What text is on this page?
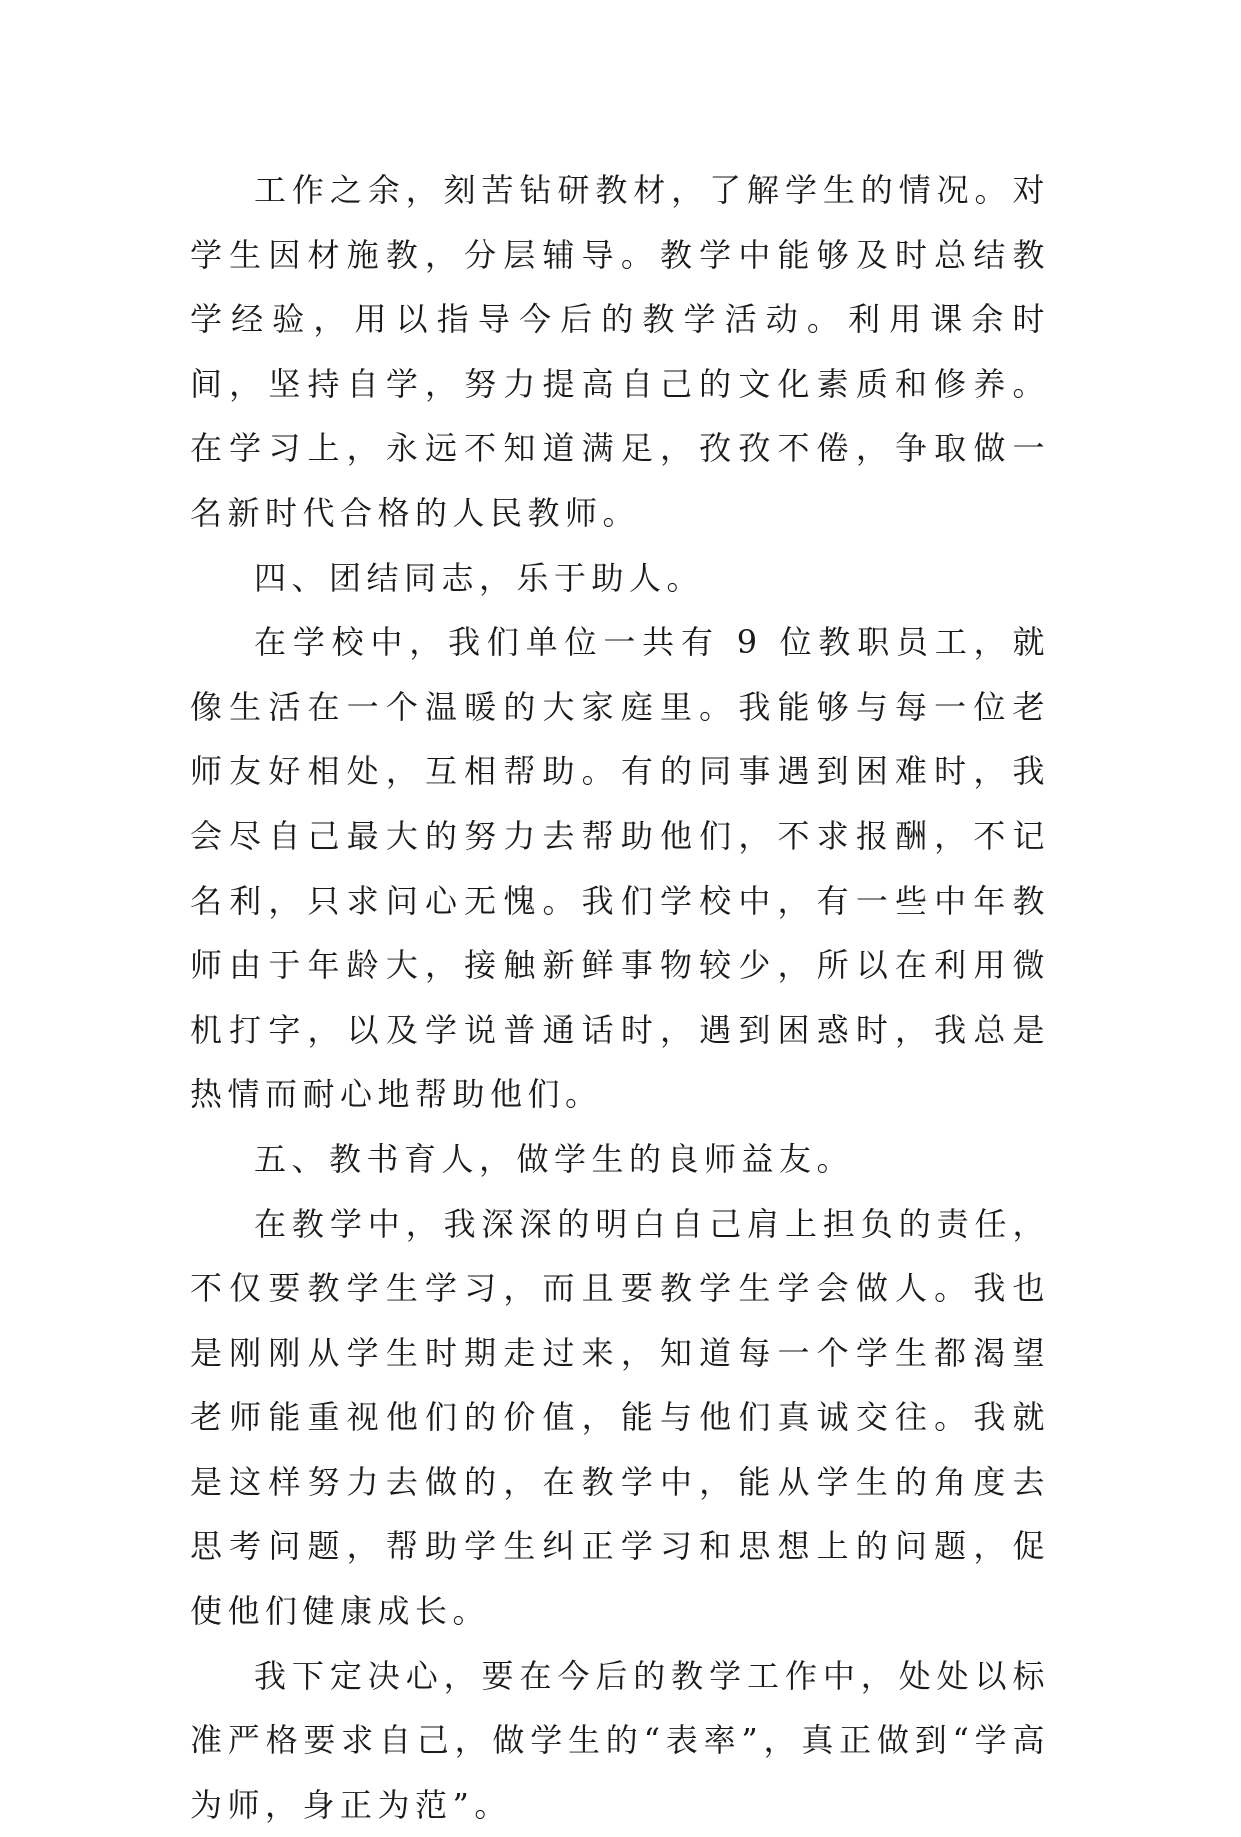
工作之余，刻苦钻研教材，了解学生的情况。对学生因材施教，分层辅导。教学中能够及时总结教学经验，用以指导今后的教学活动。利用课余时间，坚持自学，努力提高自己的文化素质和修养。在学习上，永远不知道满足，孜孜不倦，争取做一名新时代合格的人民教师。

四、团结同志，乐于助人。

在学校中，我们单位一共有 9 位教职员工，就像生活在一个温暖的大家庭里。我能够与每一位老师友好相处，互相帮助。有的同事遇到困难时，我会尽自己最大的努力去帮助他们，不求报酬，不记名利，只求问心无愧。我们学校中，有一些中年教师由于年龄大，接触新鲜事物较少，所以在利用微机打字，以及学说普通话时，遇到困惑时，我总是热情而耐心地帮助他们。

五、教书育人，做学生的良师益友。

在教学中，我深深的明白自己肩上担负的责任，不仅要教学生学习，而且要教学生学会做人。我也是刚刚从学生时期走过来，知道每一个学生都渴望老师能重视他们的价值，能与他们真诚交往。我就是这样努力去做的，在教学中，能从学生的角度去思考问题，帮助学生纠正学习和思想上的问题，促使他们健康成长。

我下定决心，要在今后的教学工作中，处处以标准严格要求自己，做学生的“表率”，真正做到“学高为师，身正为范”。
